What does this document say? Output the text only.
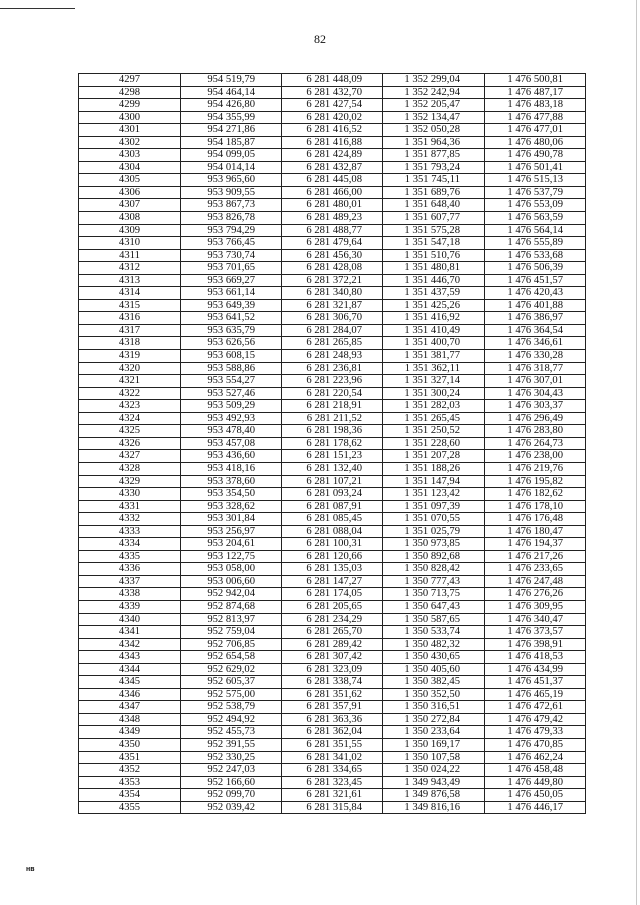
82
4297	954 519,79	6 281 448,09	1 352 299,04	1 476 500,81
4298	954 464,14	6 281 432,70	1 352 242,94	1 476 487,17
4299	954 426,80	6 281 427,54	1 352 205,47	1 476 483,18
4300	954 355,99	6 281 420,02	1 352 134,47	1 476 477,88
4301	954 271,86	6 281 416,52	1 352 050,28	1 476 477,01
4302	954 185,87	6 281 416,88	1 351 964,36	1 476 480,06
4303	954 099,05	6 281 424,89	1 351 877,85	1 476 490,78
4304	954 014,14	6 281 432,87	1 351 793,24	1 476 501,41
4305	953 965,60	6 281 445,08	1 351 745,11	1 476 515,13
4306	953 909,55	6 281 466,00	1 351 689,76	1 476 537,79
4307	953 867,73	6 281 480,01	1 351 648,40	1 476 553,09
4308	953 826,78	6 281 489,23	1 351 607,77	1 476 563,59
4309	953 794,29	6 281 488,77	1 351 575,28	1 476 564,14
4310	953 766,45	6 281 479,64	1 351 547,18	1 476 555,89
4311	953 730,74	6 281 456,30	1 351 510,76	1 476 533,68
4312	953 701,65	6 281 428,08	1 351 480,81	1 476 506,39
4313	953 669,27	6 281 372,21	1 351 446,70	1 476 451,57
4314	953 661,14	6 281 340,80	1 351 437,59	1 476 420,43
4315	953 649,39	6 281 321,87	1 351 425,26	1 476 401,88
4316	953 641,52	6 281 306,70	1 351 416,92	1 476 386,97
4317	953 635,79	6 281 284,07	1 351 410,49	1 476 364,54
4318	953 626,56	6 281 265,85	1 351 400,70	1 476 346,61
4319	953 608,15	6 281 248,93	1 351 381,77	1 476 330,28
4320	953 588,86	6 281 236,81	1 351 362,11	1 476 318,77
4321	953 554,27	6 281 223,96	1 351 327,14	1 476 307,01
4322	953 527,46	6 281 220,54	1 351 300,24	1 476 304,43
4323	953 509,29	6 281 218,91	1 351 282,03	1 476 303,37
4324	953 492,93	6 281 211,52	1 351 265,45	1 476 296,49
4325	953 478,40	6 281 198,36	1 351 250,52	1 476 283,80
4326	953 457,08	6 281 178,62	1 351 228,60	1 476 264,73
4327	953 436,60	6 281 151,23	1 351 207,28	1 476 238,00
4328	953 418,16	6 281 132,40	1 351 188,26	1 476 219,76
4329	953 378,60	6 281 107,21	1 351 147,94	1 476 195,82
4330	953 354,50	6 281 093,24	1 351 123,42	1 476 182,62
4331	953 328,62	6 281 087,91	1 351 097,39	1 476 178,10
4332	953 301,84	6 281 085,45	1 351 070,55	1 476 176,48
4333	953 256,97	6 281 088,04	1 351 025,79	1 476 180,47
4334	953 204,61	6 281 100,31	1 350 973,85	1 476 194,37
4335	953 122,75	6 281 120,66	1 350 892,68	1 476 217,26
4336	953 058,00	6 281 135,03	1 350 828,42	1 476 233,65
4337	953 006,60	6 281 147,27	1 350 777,43	1 476 247,48
4338	952 942,04	6 281 174,05	1 350 713,75	1 476 276,26
4339	952 874,68	6 281 205,65	1 350 647,43	1 476 309,95
4340	952 813,97	6 281 234,29	1 350 587,65	1 476 340,47
4341	952 759,04	6 281 265,70	1 350 533,74	1 476 373,57
4342	952 706,85	6 281 289,42	1 350 482,32	1 476 398,91
4343	952 654,58	6 281 307,42	1 350 430,65	1 476 418,53
4344	952 629,02	6 281 323,09	1 350 405,60	1 476 434,99
4345	952 605,37	6 281 338,74	1 350 382,45	1 476 451,37
4346	952 575,00	6 281 351,62	1 350 352,50	1 476 465,19
4347	952 538,79	6 281 357,91	1 350 316,51	1 476 472,61
4348	952 494,92	6 281 363,36	1 350 272,84	1 476 479,42
4349	952 455,73	6 281 362,04	1 350 233,64	1 476 479,33
4350	952 391,55	6 281 351,55	1 350 169,17	1 476 470,85
4351	952 330,25	6 281 341,02	1 350 107,58	1 476 462,24
4352	952 247,03	6 281 334,65	1 350 024,22	1 476 458,48
4353	952 166,60	6 281 323,45	1 349 943,49	1 476 449,80
4354	952 099,70	6 281 321,61	1 349 876,58	1 476 450,05
4355	952 039,42	6 281 315,84	1 349 816,16	1 476 446,17
нв
